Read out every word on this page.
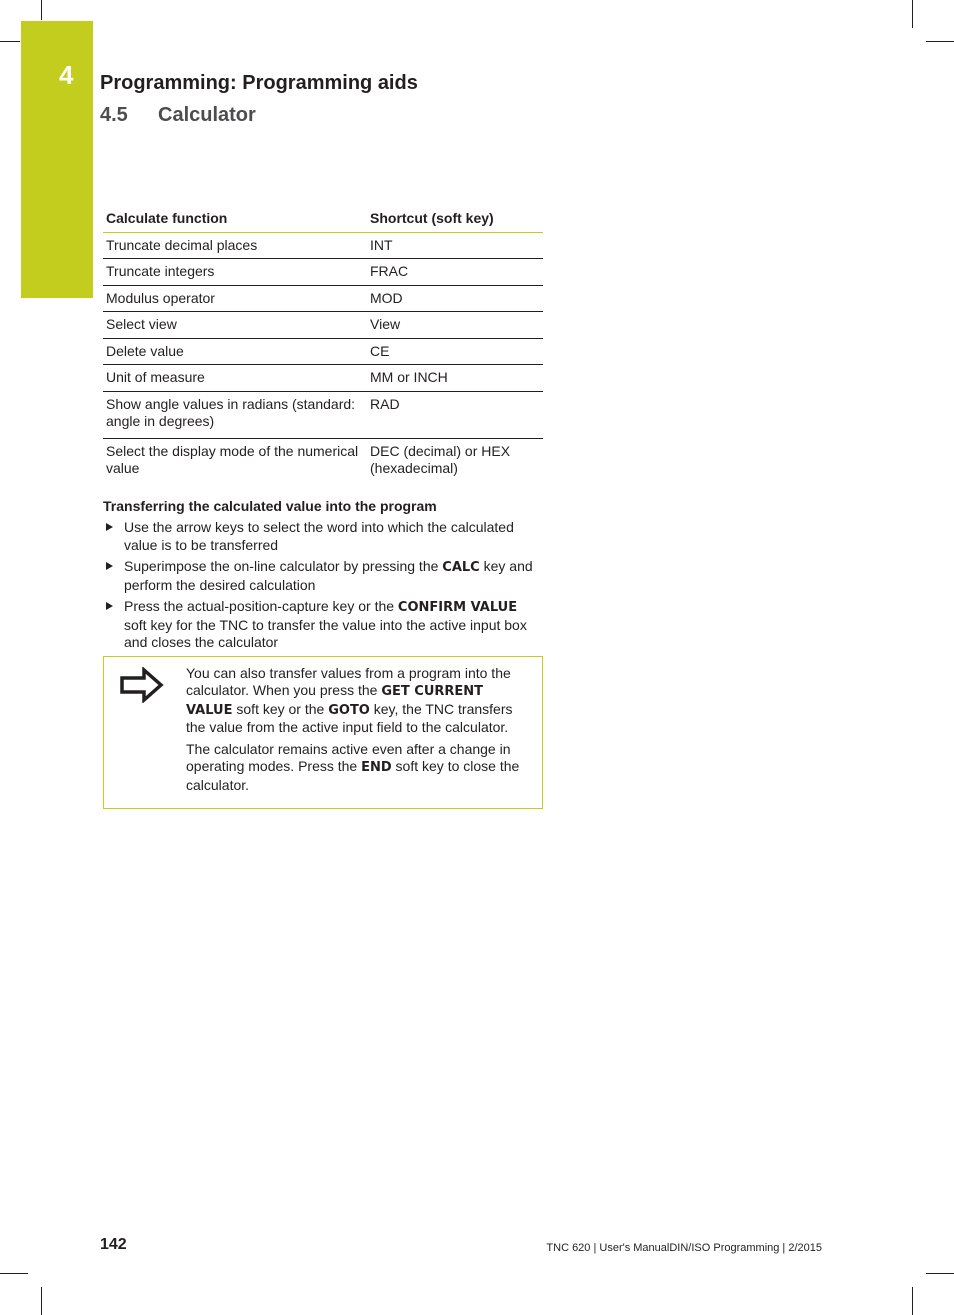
4	Programming: Programming aids
4.5 Calculator
Calculate function	Shortcut (soft key)
Truncate decimal places	INT
Truncate integers	FRAC
Modulus operator	MOD
Select view	View
Delete value	CE
Unit of measure	MM or INCH
Show angle values in radians (standard: angle in degrees)	RAD
Select the display mode of the numerical value	DEC (decimal) or HEX (hexadecimal)
Transferring the calculated value into the program
Use the arrow keys to select the word into which the calculated value is to be transferred
Superimpose the on-line calculator by pressing the CALC key and perform the desired calculation
Press the actual-position-capture key or the CONFIRM VALUE soft key for the TNC to transfer the value into the active input box and closes the calculator

You can also transfer values from a program into the calculator. When you press the GET CURRENT VALUE soft key or the GOTO key, the TNC transfers the value from the active input field to the calculator.

The calculator remains active even after a change in operating modes. Press the END soft key to close the calculator.

142	TNC 620 | User's ManualDIN/ISO Programming | 2/2015
